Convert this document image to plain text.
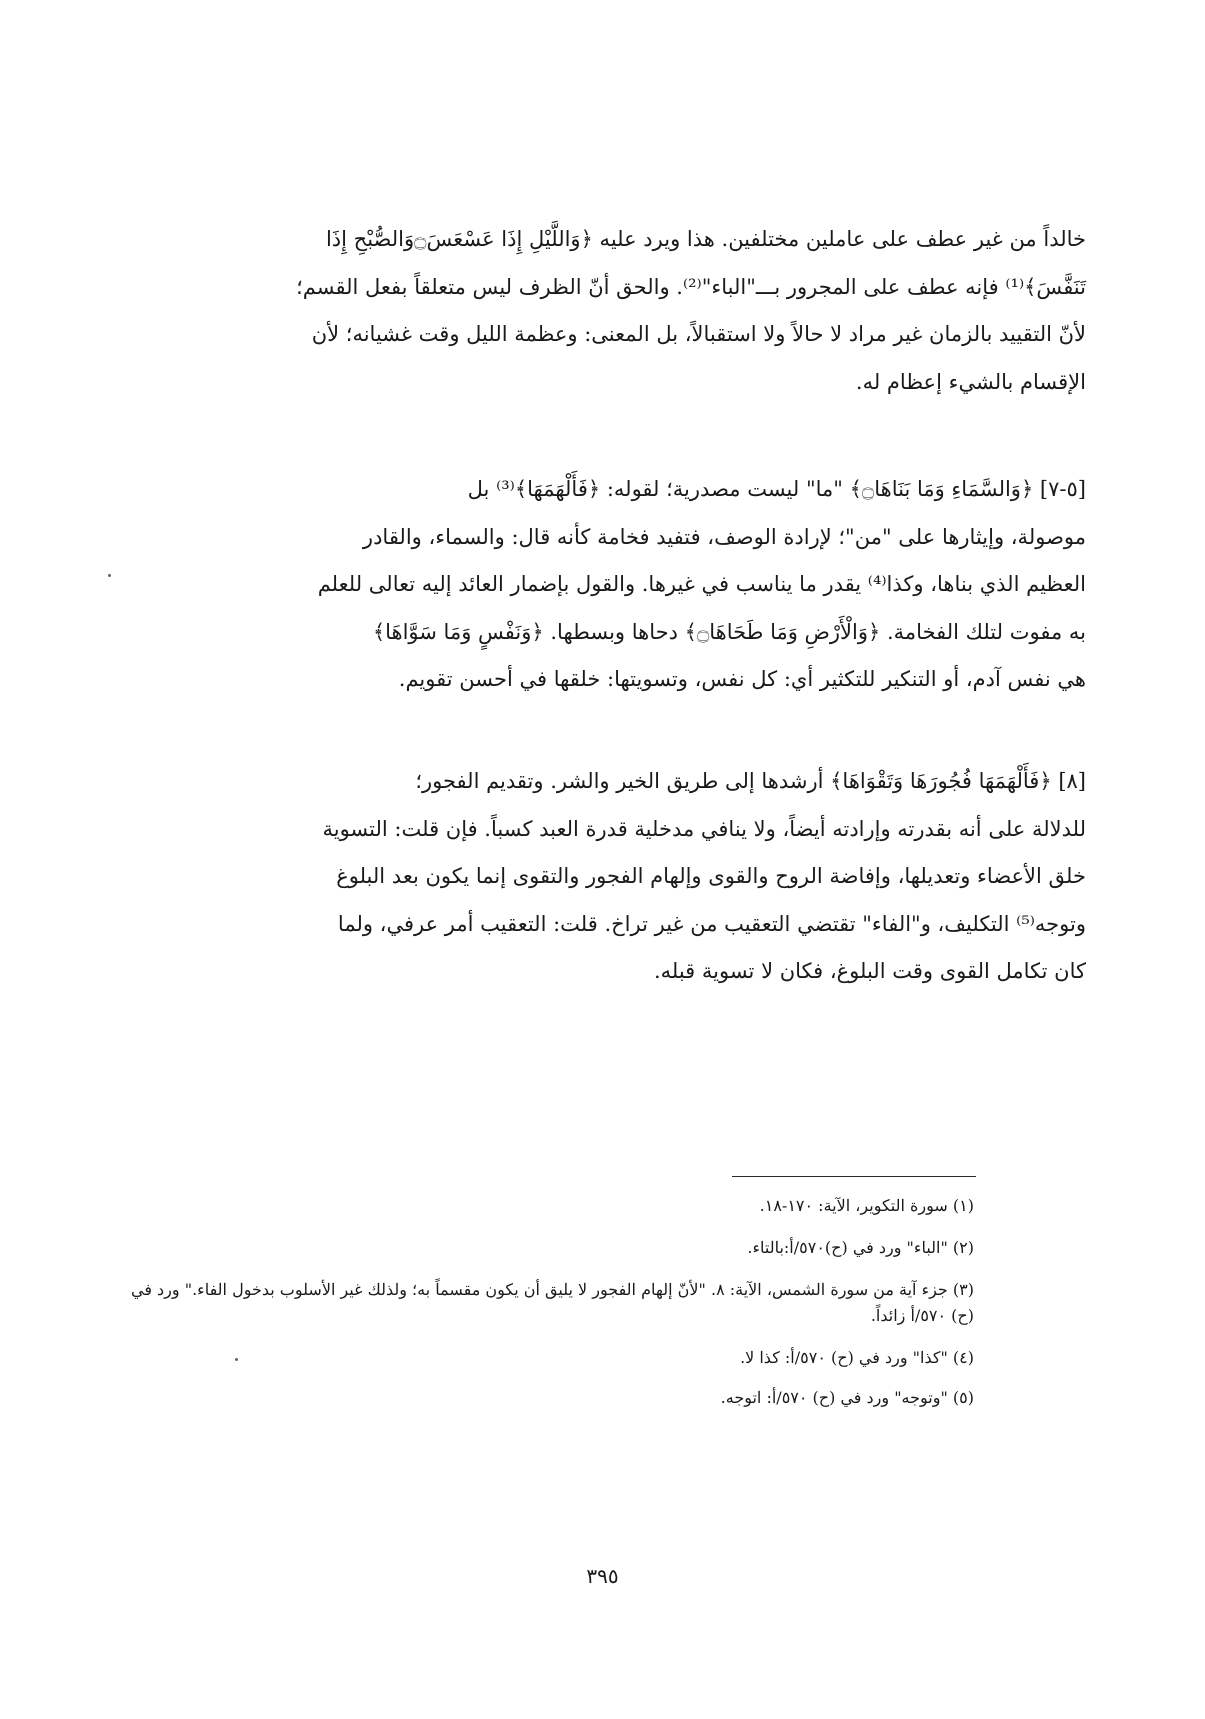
خالداً من غير عطف على عاملين مختلفين. هذا ويرد عليه ﴿وَاللَّيْلِ إِذَا عَسْعَسَ۝وَالصُّبْحِ إِذَا
تَنَفَّسَ﴾⁽¹⁾ فإنه عطف على المجرور بـــ"الباء"⁽²⁾. والحق أنّ الظرف ليس متعلقاً بفعل القسم؛
لأنّ التقييد بالزمان غير مراد لا حالاً ولا استقبالاً، بل المعنى: وعظمة الليل وقت غشيانه؛ لأن
الإقسام بالشيء إعظام له.

[٥-٧] ﴿وَالسَّمَاءِ وَمَا بَنَاهَا۝﴾ "ما" ليست مصدرية؛ لقوله: ﴿فَأَلْهَمَهَا﴾⁽³⁾ بل
موصولة، وإيثارها على "من"؛ لإرادة الوصف، فتفيد فخامة كأنه قال: والسماء، والقادر
العظيم الذي بناها، وكذا⁽⁴⁾ يقدر ما يناسب في غيرها. والقول بإضمار العائد إليه تعالى للعلم
به مفوت لتلك الفخامة. ﴿وَالْأَرْضِ وَمَا طَحَاهَا۝﴾ دحاها وبسطها. ﴿وَنَفْسٍ وَمَا سَوَّاهَا﴾
هي نفس آدم، أو التنكير للتكثير أي: كل نفس، وتسويتها: خلقها في أحسن تقويم.

[٨] ﴿فَأَلْهَمَهَا فُجُورَهَا وَتَقْوَاهَا﴾ أرشدها إلى طريق الخير والشر. وتقديم الفجور؛
للدلالة على أنه بقدرته وإرادته أيضاً، ولا ينافي مدخلية قدرة العبد كسباً. فإن قلت: التسوية
خلق الأعضاء وتعديلها، وإفاضة الروح والقوى وإلهام الفجور والتقوى إنما يكون بعد البلوغ
وتوجه⁽⁵⁾ التكليف، و"الفاء" تقتضي التعقيب من غير تراخ. قلت: التعقيب أمر عرفي، ولما
كان تكامل القوى وقت البلوغ، فكان لا تسوية قبله.

(١) سورة التكوير، الآية: ١٧٠-١٨.

(٢) "الباء" ورد في (ح)٥٧٠/أ:بالتاء.

(٣) جزء آية من سورة الشمس، الآية: ٨. "لأنّ إلهام الفجور لا يليق أن يكون مقسماً به؛ ولذلك غير الأسلوب بدخول الفاء." ورد في (ح) ٥٧٠/أ زائداً.

(٤) "كذا" ورد في (ح) ٥٧٠/أ: كذا لا.

(٥) "وتوجه" ورد في (ح) ٥٧٠/أ: اتوجه.

٣٩٥
